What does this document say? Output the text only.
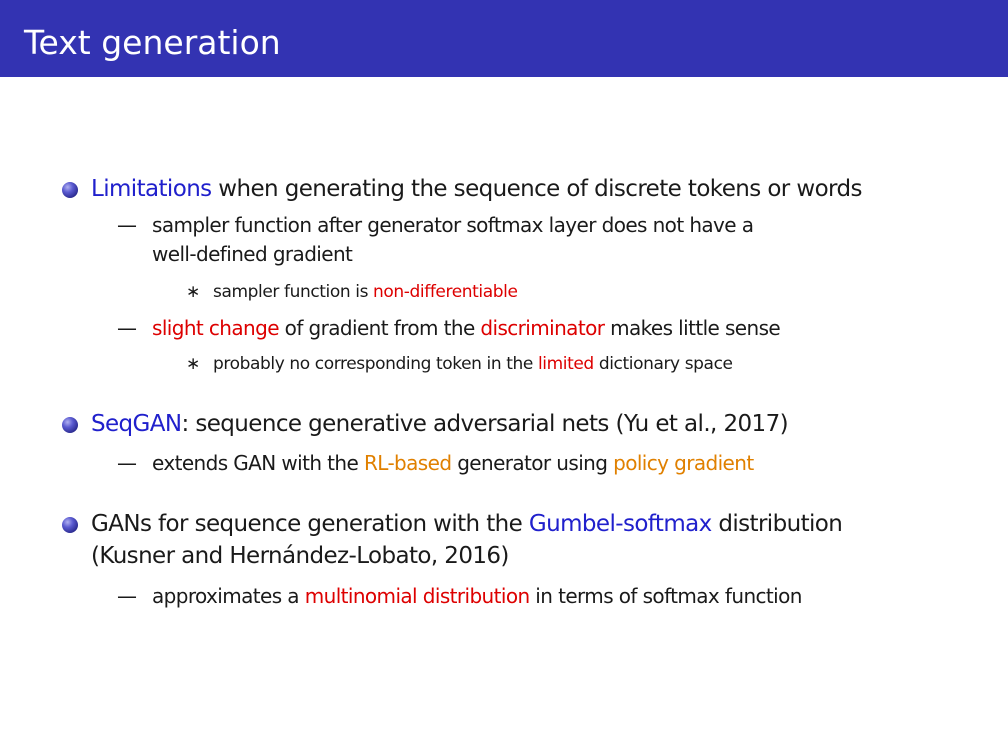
Text generation
Limitations when generating the sequence of discrete tokens or words
— sampler function after generator softmax layer does not have a
well-defined gradient
∗ sampler function is non-differentiable
— slight change of gradient from the discriminator makes little sense
∗ probably no corresponding token in the limited dictionary space
SeqGAN: sequence generative adversarial nets (Yu et al., 2017)
— extends GAN with the RL-based generator using policy gradient
GANs for sequence generation with the Gumbel-softmax distribution
(Kusner and Hernández-Lobato, 2016)
— approximates a multinomial distribution in terms of softmax function
